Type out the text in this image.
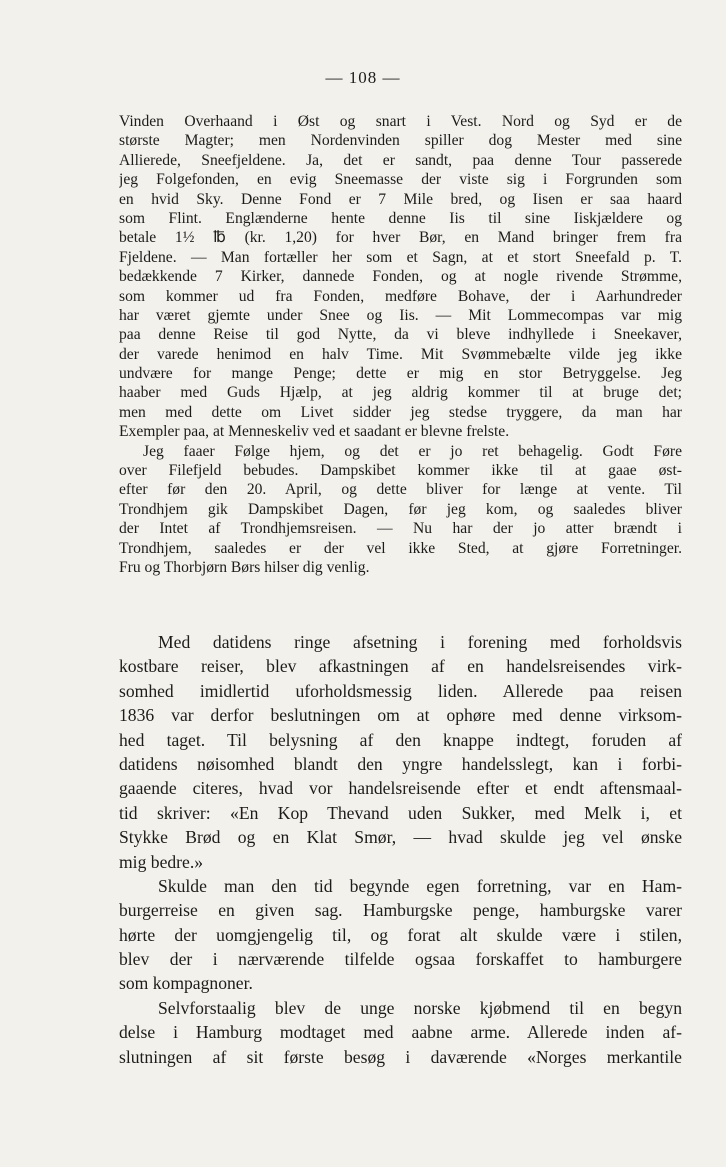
— 108 —
Vinden Overhaand i Øst og snart i Vest. Nord og Syd er de
største Magter; men Nordenvinden spiller dog Mester med sine
Allierede, Sneefjeldene. Ja, det er sandt, paa denne Tour passerede
jeg Folgefonden, en evig Sneemasse der viste sig i Forgrunden som
en hvid Sky. Denne Fond er 7 Mile bred, og Iisen er saa haard
som Flint. Englænderne hente denne Iis til sine Iiskjældere og
betale 1½ ℔ (kr. 1,20) for hver Bør, en Mand bringer frem fra
Fjeldene. — Man fortæller her som et Sagn, at et stort Sneefald p. T.
bedækkende 7 Kirker, dannede Fonden, og at nogle rivende Strømme,
som kommer ud fra Fonden, medføre Bohave, der i Aarhundreder
har været gjemte under Snee og Iis. — Mit Lommecompas var mig
paa denne Reise til god Nytte, da vi bleve indhyllede i Sneekaver,
der varede henimod en halv Time. Mit Svømmebælte vilde jeg ikke
undvære for mange Penge; dette er mig en stor Betryggelse. Jeg
haaber med Guds Hjælp, at jeg aldrig kommer til at bruge det;
men med dette om Livet sidder jeg stedse tryggere, da man har
Exempler paa, at Menneskeliv ved et saadant er blevne frelste.
Jeg faaer Følge hjem, og det er jo ret behagelig. Godt Føre
over Filefjeld bebudes. Dampskibet kommer ikke til at gaae øst-
efter før den 20. April, og dette bliver for længe at vente. Til
Trondhjem gik Dampskibet Dagen, før jeg kom, og saaledes bliver
der Intet af Trondhjemsreisen. — Nu har der jo atter brændt i
Trondhjem, saaledes er der vel ikke Sted, at gjøre Forretninger.
Fru og Thorbjørn Børs hilser dig venlig.
Med datidens ringe afsetning i forening med forholdsvis
kostbare reiser, blev afkastningen af en handelsreisendes virk-
somhed imidlertid uforholdsmessig liden. Allerede paa reisen
1836 var derfor beslutningen om at ophøre med denne virksom-
hed taget. Til belysning af den knappe indtegt, foruden af
datidens nøisomhed blandt den yngre handelsslegt, kan i forbi-
gaaende citeres, hvad vor handelsreisende efter et endt aftensmaal-
tid skriver: «En Kop Thevand uden Sukker, med Melk i, et
Stykke Brød og en Klat Smør, — hvad skulde jeg vel ønske
mig bedre.»
Skulde man den tid begynde egen forretning, var en Ham-
burgerreise en given sag. Hamburgske penge, hamburgske varer
hørte der uomgjengelig til, og forat alt skulde være i stilen,
blev der i nærværende tilfelde ogsaa forskaffet to hamburgere
som kompagnoner.
Selvforstaalig blev de unge norske kjøbmend til en begyn
delse i Hamburg modtaget med aabne arme. Allerede inden af-
slutningen af sit første besøg i daværende «Norges merkantile
